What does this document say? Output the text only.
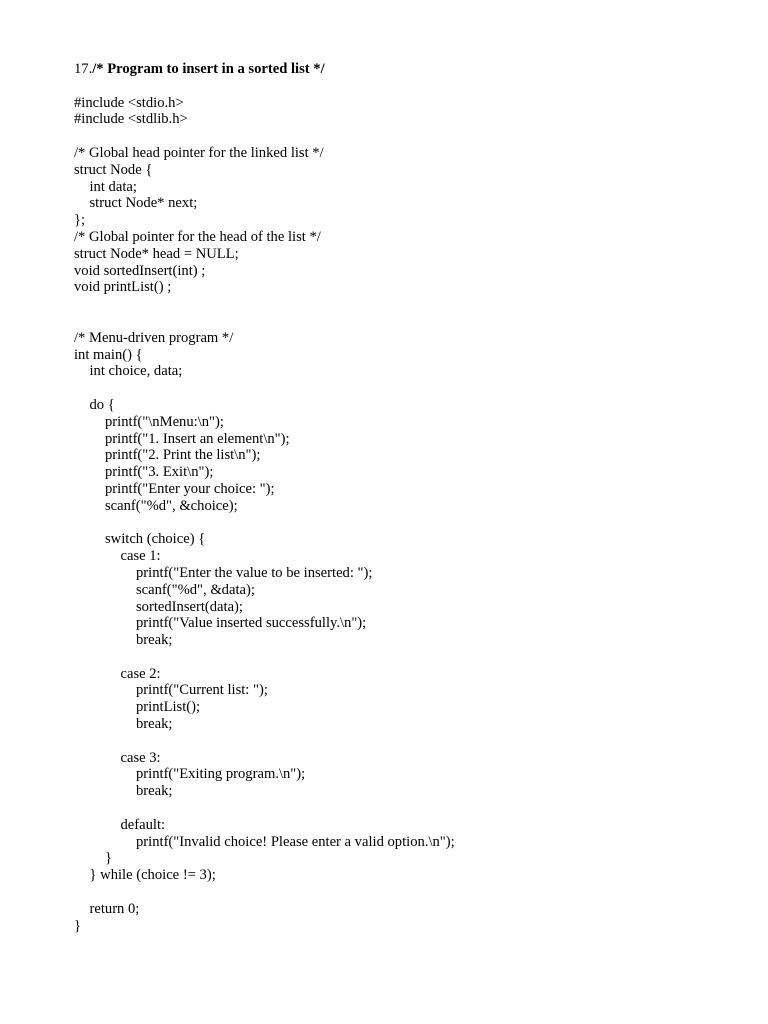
17./* Program to insert in a sorted list */

#include <stdio.h>
#include <stdlib.h>
/* Global head pointer for the linked list */
struct Node {
int data;
struct Node* next;
};
/* Global pointer for the head of the list */
struct Node* head = NULL;
void sortedInsert(int) ;
void printList() ;
/* Menu-driven program */
int main() {
int choice, data;
do {
printf("\nMenu:\n");
printf("1. Insert an element\n");
printf("2. Print the list\n");
printf("3. Exit\n");
printf("Enter your choice: ");
scanf("%d", &choice);
switch (choice) {
case 1:
printf("Enter the value to be inserted: ");
scanf("%d", &data);
sortedInsert(data);
printf("Value inserted successfully.\n");
break;
case 2:
printf("Current list: ");
printList();
break;
case 3:
printf("Exiting program.\n");
break;
default:
printf("Invalid choice! Please enter a valid option.\n");
}
} while (choice != 3);
return 0;
}
